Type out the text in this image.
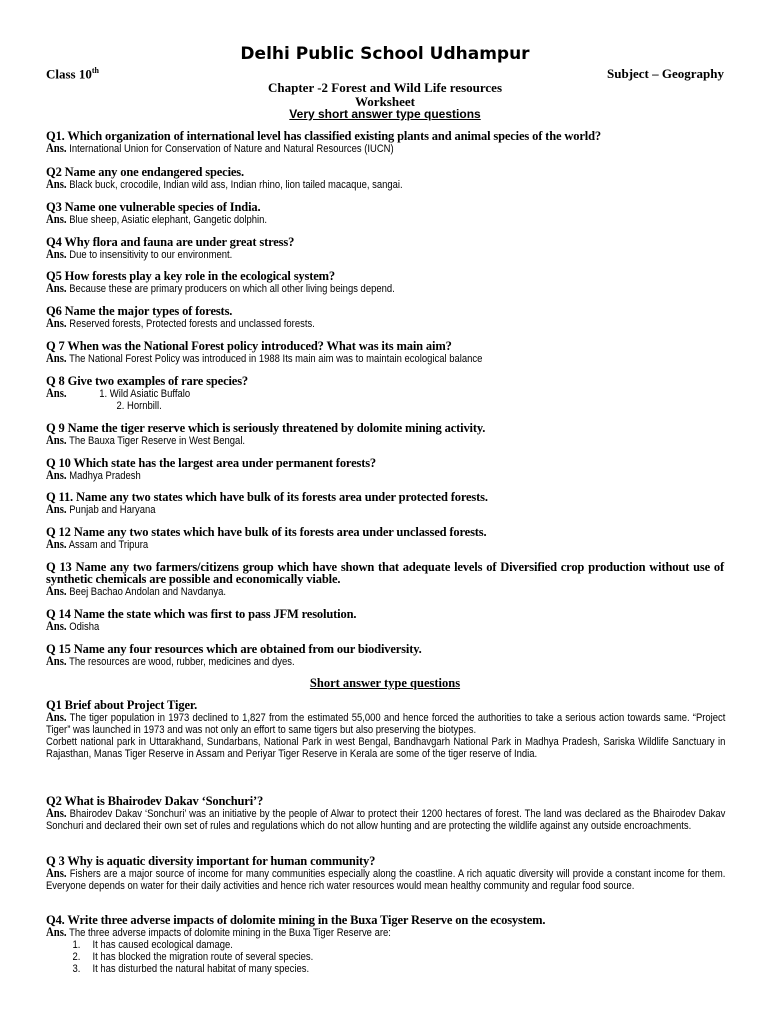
Delhi Public School Udhampur
Class 10th	Subject – Geography
Chapter -2 Forest and Wild Life resources
Worksheet
Very short answer type questions
Q1. Which organization of international level has classified existing plants and animal species of the world?
Ans. International Union for Conservation of Nature and Natural Resources (IUCN)
Q2 Name any one endangered species.
Ans. Black buck, crocodile, Indian wild ass, Indian rhino, lion tailed macaque, sangai.
Q3 Name one vulnerable species of India.
Ans. Blue sheep, Asiatic elephant, Gangetic dolphin.
Q4 Why flora and fauna are under great stress?
Ans. Due to insensitivity to our environment.
Q5 How forests play a key role in the ecological system?
Ans. Because these are primary producers on which all other living beings depend.
Q6 Name the major types of forests.
Ans. Reserved forests, Protected forests and unclassed forests.
Q 7 When was the National Forest policy introduced? What was its main aim?
Ans. The National Forest Policy was introduced in 1988 Its main aim was to maintain ecological balance
Q 8 Give two examples of rare species?
Ans.	1. Wild Asiatic Buffalo
2. Hornbill.
Q 9 Name the tiger reserve which is seriously threatened by dolomite mining activity.
Ans. The Bauxa Tiger Reserve in West Bengal.
Q 10 Which state has the largest area under permanent forests?
Ans. Madhya Pradesh
Q 11. Name any two states which have bulk of its forests area under protected forests.
Ans. Punjab and Haryana
Q 12 Name any two states which have bulk of its forests area under unclassed forests.
Ans. Assam and Tripura
Q 13 Name any two farmers/citizens group which have shown that adequate levels of Diversified crop production without use of synthetic chemicals are possible and economically viable.
Ans. Beej Bachao Andolan and Navdanya.
Q 14 Name the state which was first to pass JFM resolution.
Ans. Odisha
Q 15 Name any four resources which are obtained from our biodiversity.
Ans. The resources are wood, rubber, medicines and dyes.
Short answer type questions
Q1 Brief about Project Tiger.
Ans. The tiger population in 1973 declined to 1,827 from the estimated 55,000 and hence forced the authorities to take a serious action towards same. “Project Tiger” was launched in 1973 and was not only an effort to same tigers but also preserving the biotypes.
Corbett national park in Uttarakhand, Sundarbans, National Park in west Bengal, Bandhavgarh National Park in Madhya Pradesh, Sariska Wildlife Sanctuary in Rajasthan, Manas Tiger Reserve in Assam and Periyar Tiger Reserve in Kerala are some of the tiger reserve of India.
Q2 What is Bhairodev Dakav ‘Sonchuri’?
Ans. Bhairodev Dakav ‘Sonchuri’ was an initiative by the people of Alwar to protect their 1200 hectares of forest. The land was declared as the Bhairodev Dakav Sonchuri and declared their own set of rules and regulations which do not allow hunting and are protecting the wildlife against any outside encroachments.
Q 3 Why is aquatic diversity important for human community?
Ans. Fishers are a major source of income for many communities especially along the coastline. A rich aquatic diversity will provide a constant income for them. Everyone depends on water for their daily activities and hence rich water resources would mean healthy community and regular food source.
Q4. Write three adverse impacts of dolomite mining in the Buxa Tiger Reserve on the ecosystem.
Ans. The three adverse impacts of dolomite mining in the Buxa Tiger Reserve are:
1. It has caused ecological damage.
2. It has blocked the migration route of several species.
3. It has disturbed the natural habitat of many species.
